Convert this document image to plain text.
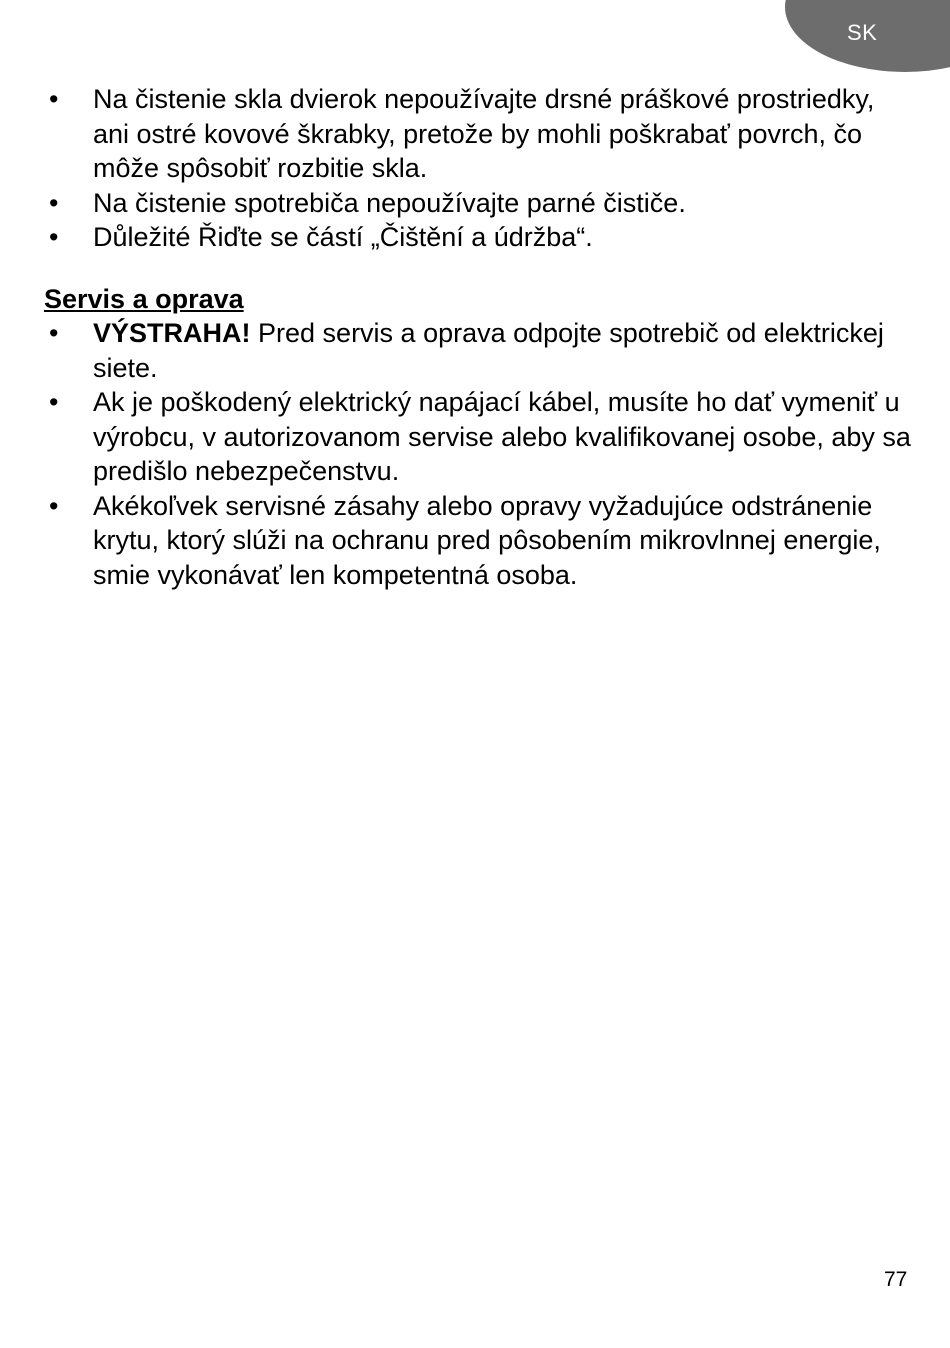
SK
• Na čistenie skla dvierok nepoužívajte drsné práškové prostriedky, ani ostré kovové škrabky, pretože by mohli poškrabať povrch, čo môže spôsobiť rozbitie skla.
• Na čistenie spotrebiča nepoužívajte parné čističe.
• Důležité Řiďte se částí „Čištění a údržba“.
Servis a oprava
• VÝSTRAHA! Pred servis a oprava odpojte spotrebič od elektrickej siete.
• Ak je poškodený elektrický napájací kábel, musíte ho dať vymeniť u výrobcu, v autorizovanom servise alebo kvalifikovanej osobe, aby sa predišlo nebezpečenstvu.
• Akékoľvek servisné zásahy alebo opravy vyžadujúce odstránenie krytu, ktorý slúži na ochranu pred pôsobením mikrovlnnej energie, smie vykonávať len kompetentná osoba.
77
